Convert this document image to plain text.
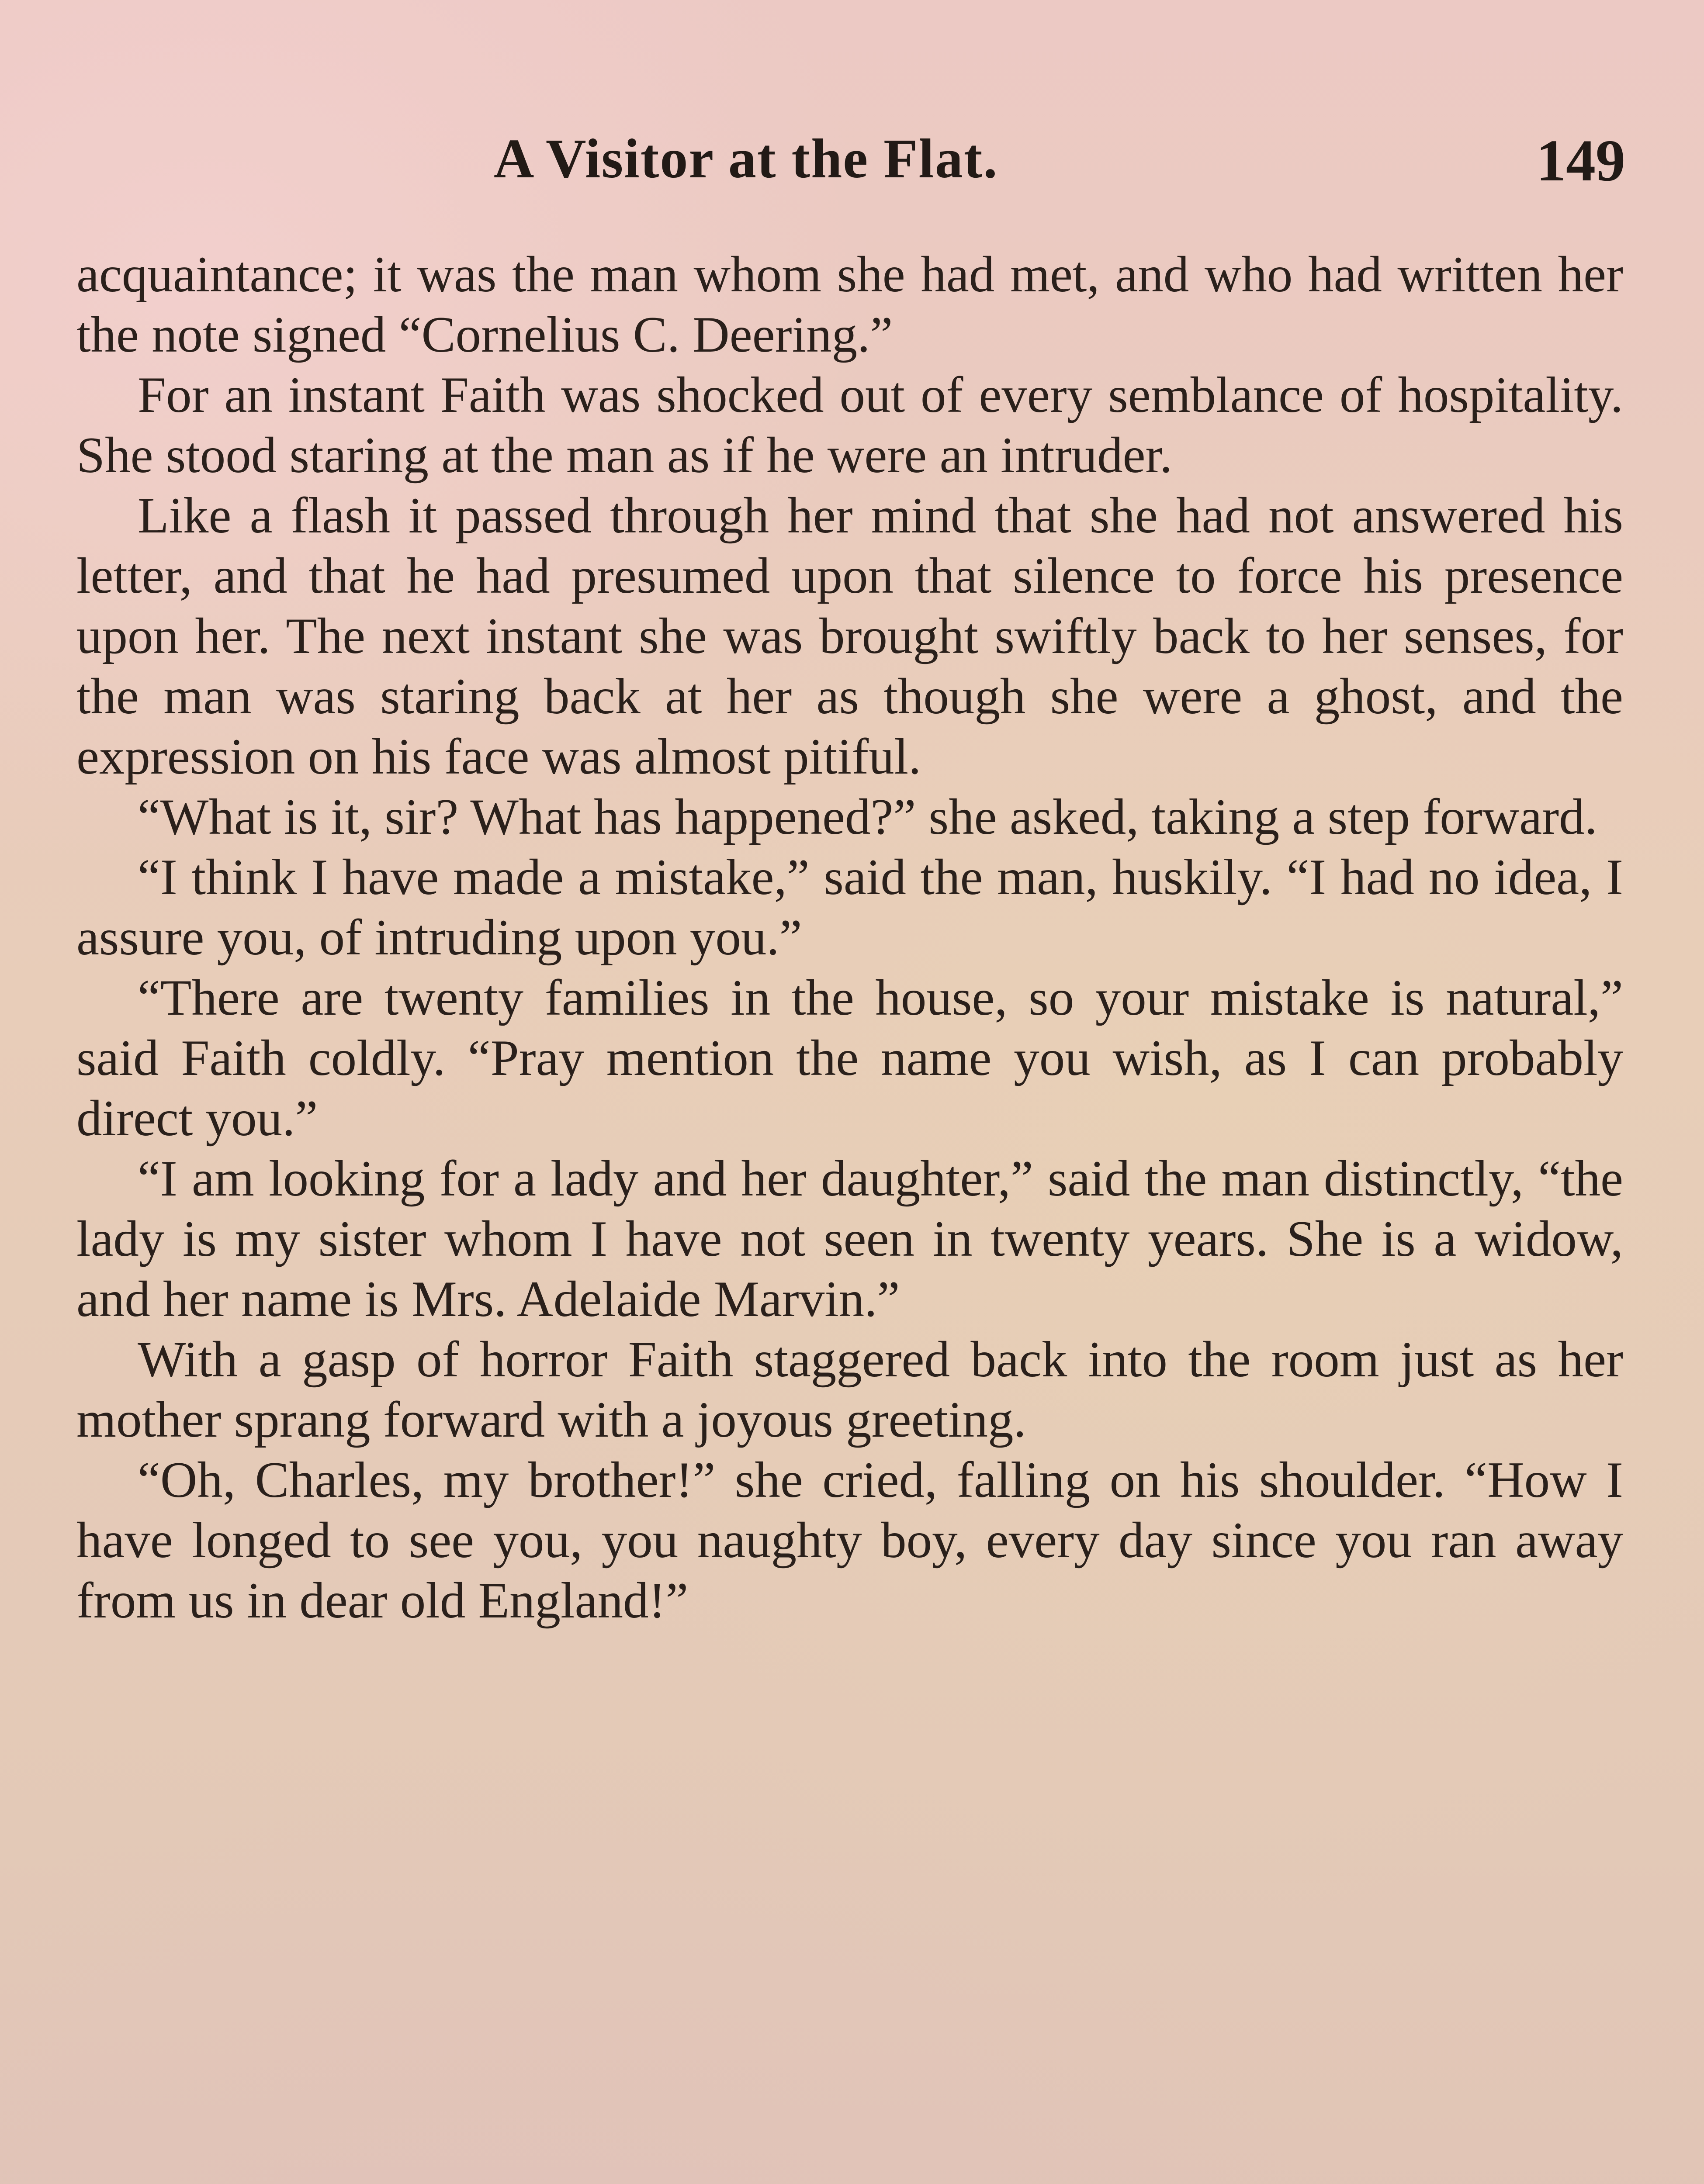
A Visitor at the Flat.	149

acquaintance; it was the man whom she had met, and who had written her the note signed “Cornelius C. Deering.”

For an instant Faith was shocked out of every semblance of hospitality. She stood staring at the man as if he were an intruder.

Like a flash it passed through her mind that she had not answered his letter, and that he had presumed upon that silence to force his presence upon her. The next instant she was brought swiftly back to her senses, for the man was staring back at her as though she were a ghost, and the expression on his face was almost pitiful.

“What is it, sir? What has happened?” she asked, taking a step forward.

“I think I have made a mistake,” said the man, huskily. “I had no idea, I assure you, of intruding upon you.”

“There are twenty families in the house, so your mistake is natural,” said Faith coldly. “Pray mention the name you wish, as I can probably direct you.”

“I am looking for a lady and her daughter,” said the man distinctly, “the lady is my sister whom I have not seen in twenty years. She is a widow, and her name is Mrs. Adelaide Marvin.”

With a gasp of horror Faith staggered back into the room just as her mother sprang forward with a joyous greeting.

“Oh, Charles, my brother!” she cried, falling on his shoulder. “How I have longed to see you, you naughty boy, every day since you ran away from us in dear old England!”
